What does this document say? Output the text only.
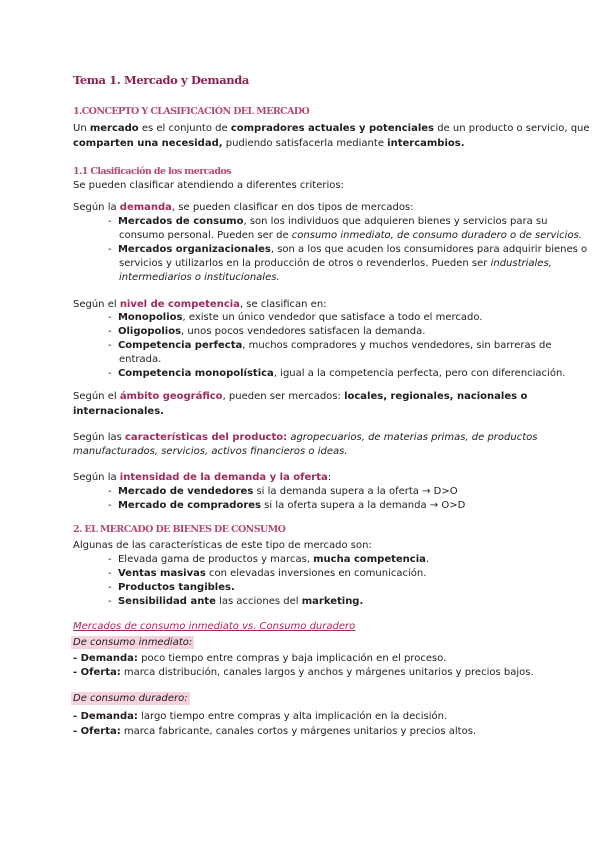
Tema 1. Mercado y Demanda
1.CONCEPTO Y CLASIFICACIÓN DEL MERCADO
Un mercado es el conjunto de compradores actuales y potenciales de un producto o servicio, que
comparten una necesidad, pudiendo satisfacerla mediante intercambios.
1.1 Clasificación de los mercados
Se pueden clasificar atendiendo a diferentes criterios:
Según la demanda, se pueden clasificar en dos tipos de mercados:
- Mercados de consumo, son los individuos que adquieren bienes y servicios para su
consumo personal. Pueden ser de consumo inmediato, de consumo duradero o de servicios.
- Mercados organizacionales, son a los que acuden los consumidores para adquirir bienes o
servicios y utilizarlos en la producción de otros o revenderlos. Pueden ser industriales,
intermediarios o institucionales.
Según el nivel de competencia, se clasifican en:
- Monopolios, existe un único vendedor que satisface a todo el mercado.
- Oligopolios, unos pocos vendedores satisfacen la demanda.
- Competencia perfecta, muchos compradores y muchos vendedores, sin barreras de
entrada.
- Competencia monopolística, igual a la competencia perfecta, pero con diferenciación.
Según el ámbito geográfico, pueden ser mercados: locales, regionales, nacionales o
internacionales.
Según las características del producto: agropecuarios, de materias primas, de productos
manufacturados, servicios, activos financieros o ideas.
Según la intensidad de la demanda y la oferta:
- Mercado de vendedores si la demanda supera a la oferta → D>O
- Mercado de compradores si la oferta supera a la demanda → O>D
2. EL MERCADO DE BIENES DE CONSUMO
Algunas de las características de este tipo de mercado son:
- Elevada gama de productos y marcas, mucha competencia.
- Ventas masivas con elevadas inversiones en comunicación.
- Productos tangibles.
- Sensibilidad ante las acciones del marketing.
Mercados de consumo inmediato vs. Consumo duradero
De consumo inmediato:
- Demanda: poco tiempo entre compras y baja implicación en el proceso.
- Oferta: marca distribución, canales largos y anchos y márgenes unitarios y precios bajos.
De consumo duradero:
- Demanda: largo tiempo entre compras y alta implicación en la decisión.
- Oferta: marca fabricante, canales cortos y márgenes unitarios y precios altos.
